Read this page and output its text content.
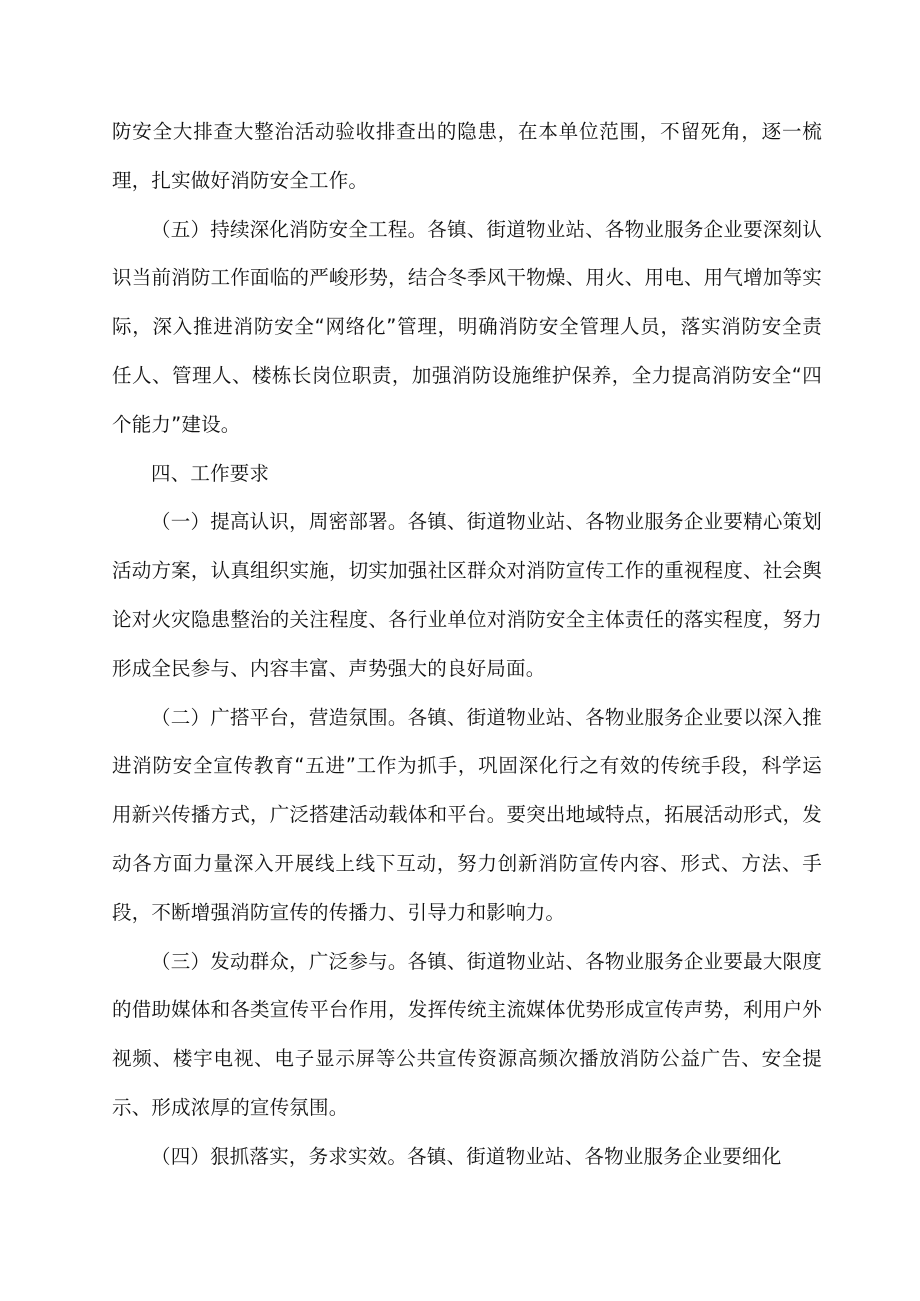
防安全大排查大整治活动验收排查出的隐患，在本单位范围，不留死角，逐一梳理，扎实做好消防安全工作。

（五）持续深化消防安全工程。各镇、街道物业站、各物业服务企业要深刻认识当前消防工作面临的严峻形势，结合冬季风干物燥、用火、用电、用气增加等实际，深入推进消防安全“网络化”管理，明确消防安全管理人员，落实消防安全责任人、管理人、楼栋长岗位职责，加强消防设施维护保养，全力提高消防安全“四个能力”建设。

四、工作要求

（一）提高认识，周密部署。各镇、街道物业站、各物业服务企业要精心策划活动方案，认真组织实施，切实加强社区群众对消防宣传工作的重视程度、社会舆论对火灾隐患整治的关注程度、各行业单位对消防安全主体责任的落实程度，努力形成全民参与、内容丰富、声势强大的良好局面。

（二）广搭平台，营造氛围。各镇、街道物业站、各物业服务企业要以深入推进消防安全宣传教育“五进”工作为抓手，巩固深化行之有效的传统手段，科学运用新兴传播方式，广泛搭建活动载体和平台。要突出地域特点，拓展活动形式，发动各方面力量深入开展线上线下互动，努力创新消防宣传内容、形式、方法、手段，不断增强消防宣传的传播力、引导力和影响力。

（三）发动群众，广泛参与。各镇、街道物业站、各物业服务企业要最大限度的借助媒体和各类宣传平台作用，发挥传统主流媒体优势形成宣传声势，利用户外视频、楼宇电视、电子显示屏等公共宣传资源高频次播放消防公益广告、安全提示、形成浓厚的宣传氛围。

（四）狠抓落实，务求实效。各镇、街道物业站、各物业服务企业要细化
